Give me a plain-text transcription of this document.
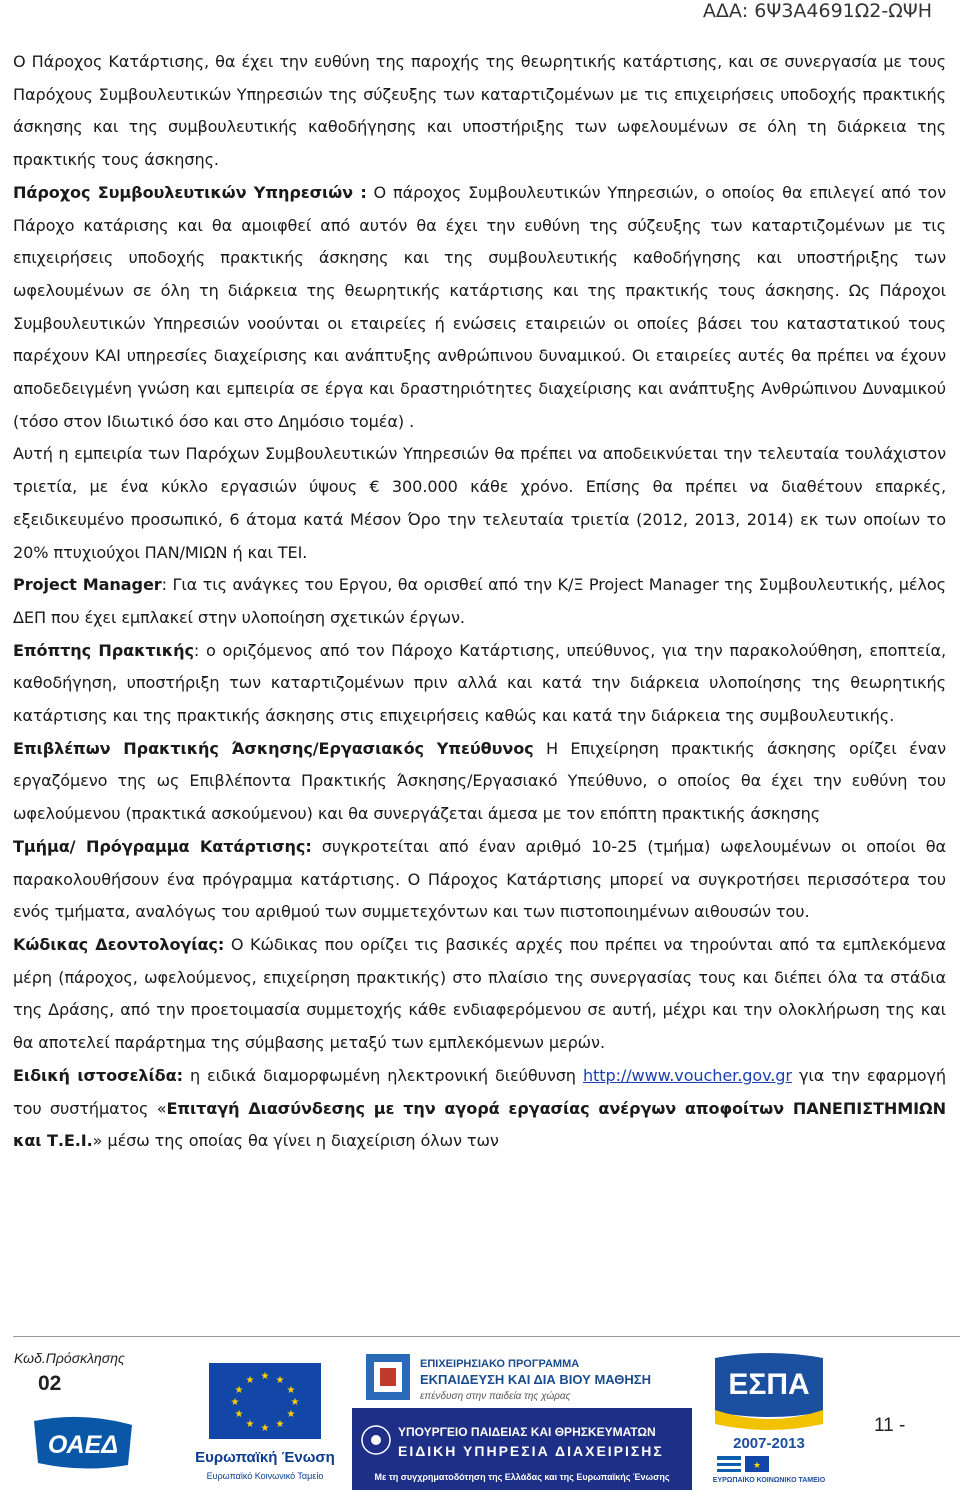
ΑΔΑ: 6Ψ3Α4691Ω2-ΩΨΗ

Ο Πάροχος Κατάρτισης, θα έχει την ευθύνη της παροχής της θεωρητικής κατάρτισης, και σε συνεργασία με τους Παρόχους Συμβουλευτικών Υπηρεσιών της σύζευξης των καταρτιζομένων με τις επιχειρήσεις υποδοχής πρακτικής άσκησης και της συμβουλευτικής καθοδήγησης και υποστήριξης των ωφελουμένων σε όλη τη διάρκεια της πρακτικής τους άσκησης.

Πάροχος Συμβουλευτικών Υπηρεσιών : Ο πάροχος Συμβουλευτικών Υπηρεσιών, ο οποίος θα επιλεγεί από τον Πάροχο κατάρισης και θα αμοιφθεί από αυτόν θα έχει την ευθύνη της σύζευξης των καταρτιζομένων με τις επιχειρήσεις υποδοχής πρακτικής άσκησης και της συμβουλευτικής καθοδήγησης και υποστήριξης των ωφελουμένων σε όλη τη διάρκεια της θεωρητικής κατάρτισης και της πρακτικής τους άσκησης. Ως Πάροχοι Συμβουλευτικών Υπηρεσιών νοούνται οι εταιρείες ή ενώσεις εταιρειών οι οποίες βάσει του καταστατικού τους παρέχουν ΚΑΙ υπηρεσίες διαχείρισης και ανάπτυξης ανθρώπινου δυναμικού. Οι εταιρείες αυτές θα πρέπει να έχουν αποδεδειγμένη γνώση και εμπειρία σε έργα και δραστηριότητες διαχείρισης και ανάπτυξης Ανθρώπινου Δυναμικού (τόσο στον Ιδιωτικό όσο και στο Δημόσιο τομέα) .

Αυτή η εμπειρία των Παρόχων Συμβουλευτικών Υπηρεσιών θα πρέπει να αποδεικνύεται την τελευταία τουλάχιστον τριετία, με ένα κύκλο εργασιών ύψους € 300.000 κάθε χρόνο. Επίσης θα πρέπει να διαθέτουν επαρκές, εξειδικευμένο προσωπικό, 6 άτομα κατά Μέσον Όρο την τελευταία τριετία (2012, 2013, 2014) εκ των οποίων το 20% πτυχιούχοι ΠΑΝ/ΜΙΩΝ ή και ΤΕΙ.

Project Manager: Για τις ανάγκες του Εργου, θα ορισθεί από την Κ/Ξ Project Manager της Συμβουλευτικής, μέλος ΔΕΠ που έχει εμπλακεί στην υλοποίηση σχετικών έργων.

Επόπτης Πρακτικής: ο οριζόμενος από τον Πάροχο Κατάρτισης, υπεύθυνος, για την παρακολούθηση, εποπτεία, καθοδήγηση, υποστήριξη των καταρτιζομένων πριν αλλά και κατά την διάρκεια υλοποίησης της θεωρητικής κατάρτισης και της πρακτικής άσκησης στις επιχειρήσεις καθώς και κατά την διάρκεια της συμβουλευτικής.

Επιβλέπων Πρακτικής Άσκησης/Εργασιακός Υπεύθυνος Η Επιχείρηση πρακτικής άσκησης ορίζει έναν εργαζόμενο της ως Επιβλέποντα Πρακτικής Άσκησης/Εργασιακό Υπεύθυνο, ο οποίος θα έχει την ευθύνη του ωφελούμενου (πρακτικά ασκούμενου) και θα συνεργάζεται άμεσα με τον επόπτη πρακτικής άσκησης

Τμήμα/ Πρόγραμμα Κατάρτισης: συγκροτείται από έναν αριθμό 10-25 (τμήμα) ωφελουμένων οι οποίοι θα παρακολουθήσουν ένα πρόγραμμα κατάρτισης. Ο Πάροχος Κατάρτισης μπορεί να συγκροτήσει περισσότερα του ενός τμήματα, αναλόγως του αριθμού των συμμετεχόντων και των πιστοποιημένων αιθουσών του.

Κώδικας Δεοντολογίας: Ο Κώδικας που ορίζει τις βασικές αρχές που πρέπει να τηρούνται από τα εμπλεκόμενα μέρη (πάροχος, ωφελούμενος, επιχείρηση πρακτικής) στο πλαίσιο της συνεργασίας τους και διέπει όλα τα στάδια της Δράσης, από την προετοιμασία συμμετοχής κάθε ενδιαφερόμενου σε αυτή, μέχρι και την ολοκλήρωση της και θα αποτελεί παράρτημα της σύμβασης μεταξύ των εμπλεκόμενων μερών.

Ειδική ιστοσελίδα: η ειδικά διαμορφωμένη ηλεκτρονική διεύθυνση http://www.voucher.gov.gr για την εφαρμογή του συστήματος «Επιταγή Διασύνδεσης με την αγορά εργασίας ανέργων αποφοίτων ΠΑΝΕΠΙΣΤΗΜΙΩΝ και Τ.Ε.Ι.» μέσω της οποίας θα γίνει η διαχείριση όλων των

Κωδ.Πρόσκλησης
02
ΟΑΕΔ
★ ★
★
★
★
★
★
★
★
★
★
★
Ευρωπαϊκή Ένωση
Ευρωπαϊκό Κοινωνικό Ταμείο
ΕΠΙΧΕΙΡΗΣΙΑΚΟ ΠΡΟΓΡΑΜΜΑ
ΕΚΠΑΙΔΕΥΣΗ ΚΑΙ ΔΙΑ ΒΙΟΥ ΜΑΘΗΣΗ
επένδυση στην παιδεία της χώρας
ΥΠΟΥΡΓΕΙΟ ΠΑΙΔΕΙΑΣ ΚΑΙ ΘΡΗΣΚΕΥΜΑΤΩΝ
ΕΙΔΙΚΗ ΥΠΗΡΕΣΙΑ ΔΙΑΧΕΙΡΙΣΗΣ
Με τη συγχρηματοδότηση της Ελλάδας και της Ευρωπαϊκής Ένωσης
ΕΣΠΑ
2007-2013
★
ΕΥΡΩΠΑΪΚΟ ΚΟΙΝΩΝΙΚΟ ΤΑΜΕΙΟ
11 -
